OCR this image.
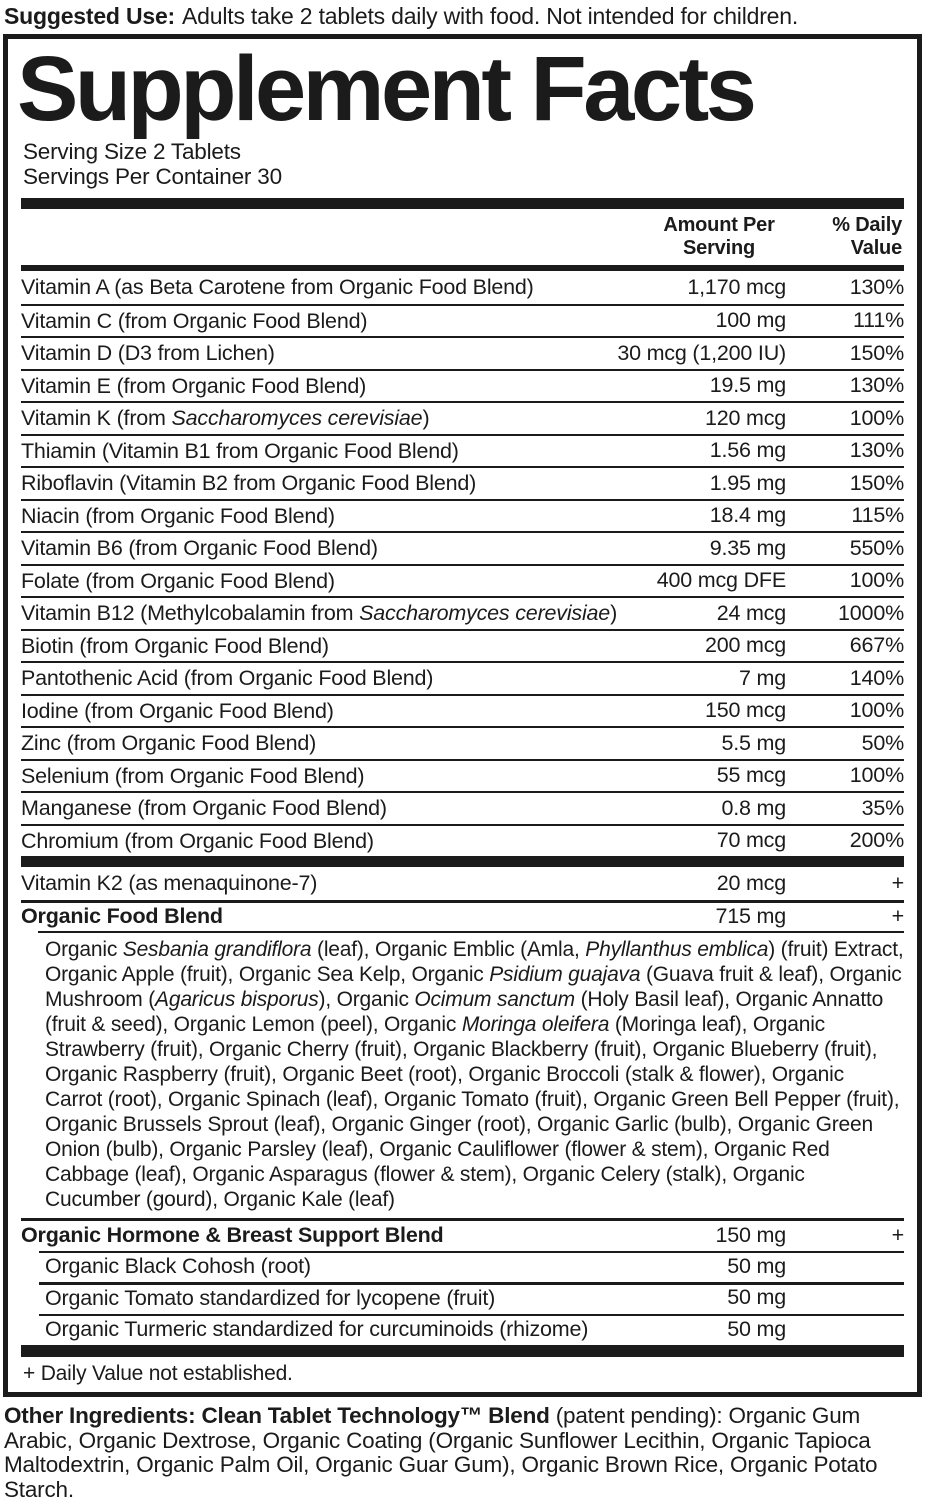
Suggested Use: Adults take 2 tablets daily with food. Not intended for children.

Supplement Facts
Serving Size 2 Tablets
Servings Per Container 30
Amount Per
Serving
% Daily
Value
Vitamin A (as Beta Carotene from Organic Food Blend)	1,170 mcg	130%
Vitamin C (from Organic Food Blend)	100 mg	111%
Vitamin D (D3 from Lichen)	30 mcg (1,200 IU)	150%
Vitamin E (from Organic Food Blend)	19.5 mg	130%
Vitamin K (from Saccharomyces cerevisiae)	120 mcg	100%
Thiamin (Vitamin B1 from Organic Food Blend)	1.56 mg	130%
Riboflavin (Vitamin B2 from Organic Food Blend)	1.95 mg	150%
Niacin (from Organic Food Blend)	18.4 mg	115%
Vitamin B6 (from Organic Food Blend)	9.35 mg	550%
Folate (from Organic Food Blend)	400 mcg DFE	100%
Vitamin B12 (Methylcobalamin from Saccharomyces cerevisiae)	24 mcg	1000%
Biotin (from Organic Food Blend)	200 mcg	667%
Pantothenic Acid (from Organic Food Blend)	7 mg	140%
Iodine (from Organic Food Blend)	150 mcg	100%
Zinc (from Organic Food Blend)	5.5 mg	50%
Selenium (from Organic Food Blend)	55 mcg	100%
Manganese (from Organic Food Blend)	0.8 mg	35%
Chromium (from Organic Food Blend)	70 mcg	200%
Vitamin K2 (as menaquinone-7)	20 mcg	+
Organic Food Blend	715 mg	+
Organic Sesbania grandiflora (leaf), Organic Emblic (Amla, Phyllanthus emblica) (fruit) Extract, Organic Apple (fruit), Organic Sea Kelp, Organic Psidium guajava (Guava fruit & leaf), Organic Mushroom (Agaricus bisporus), Organic Ocimum sanctum (Holy Basil leaf), Organic Annatto (fruit & seed), Organic Lemon (peel), Organic Moringa oleifera (Moringa leaf), Organic Strawberry (fruit), Organic Cherry (fruit), Organic Blackberry (fruit), Organic Blueberry (fruit), Organic Raspberry (fruit), Organic Beet (root), Organic Broccoli (stalk & flower), Organic Carrot (root), Organic Spinach (leaf), Organic Tomato (fruit), Organic Green Bell Pepper (fruit), Organic Brussels Sprout (leaf), Organic Ginger (root), Organic Garlic (bulb), Organic Green Onion (bulb), Organic Parsley (leaf), Organic Cauliflower (flower & stem), Organic Red Cabbage (leaf), Organic Asparagus (flower & stem), Organic Celery (stalk), Organic Cucumber (gourd), Organic Kale (leaf)
Organic Hormone & Breast Support Blend	150 mg	+
Organic Black Cohosh (root)	50 mg
Organic Tomato standardized for lycopene (fruit)	50 mg
Organic Turmeric standardized for curcuminoids (rhizome)	50 mg
+ Daily Value not established.

Other Ingredients: Clean Tablet Technology™ Blend (patent pending): Organic Gum Arabic, Organic Dextrose, Organic Coating (Organic Sunflower Lecithin, Organic Tapioca Maltodextrin, Organic Palm Oil, Organic Guar Gum), Organic Brown Rice, Organic Potato Starch.
